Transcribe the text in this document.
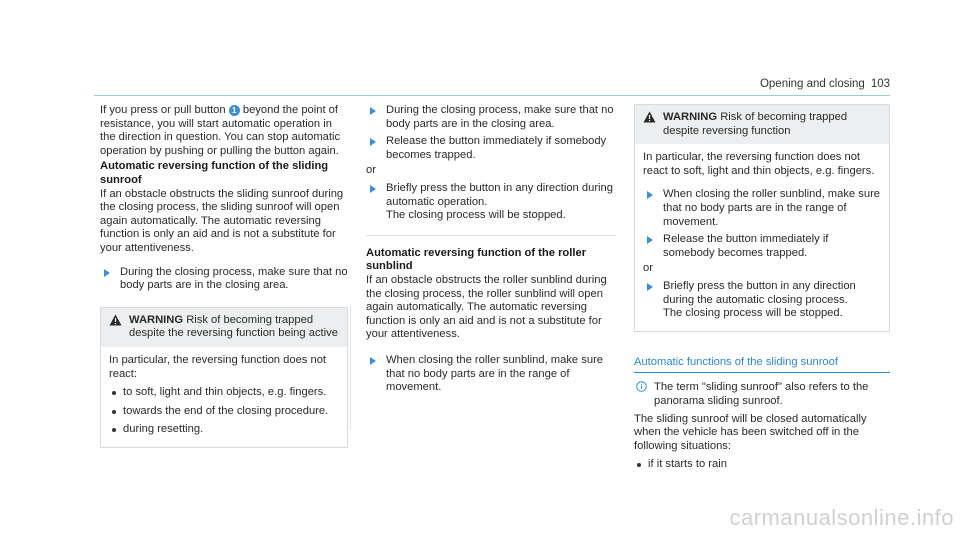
Opening and closing 103

If you press or pull button 1 beyond the point of resistance, you will start automatic operation in the direction in question. You can stop automatic operation by pushing or pulling the button again.

Automatic reversing function of the sliding sunroof

If an obstacle obstructs the sliding sunroof during the closing process, the sliding sunroof will open again automatically. The automatic reversing function is only an aid and is not a substitute for your attentiveness.

During the closing process, make sure that no body parts are in the closing area.
WARNING Risk of becoming trapped despite the reversing function being active

In particular, the reversing function does not react:

to soft, light and thin objects, e.g. fingers.
towards the end of the closing procedure.
during resetting.
During the closing process, make sure that no body parts are in the closing area.
Release the button immediately if somebody becomes trapped.

or

Briefly press the button in any direction during automatic operation.
The closing process will be stopped.

Automatic reversing function of the roller sunblind

If an obstacle obstructs the roller sunblind during the closing process, the roller sunblind will open again automatically. The automatic reversing function is only an aid and is not a substitute for your attentiveness.

When closing the roller sunblind, make sure that no body parts are in the range of movement.
WARNING Risk of becoming trapped despite reversing function

In particular, the reversing function does not react to soft, light and thin objects, e.g. fingers.

When closing the roller sunblind, make sure that no body parts are in the range of movement.
Release the button immediately if somebody becomes trapped.

or

Briefly press the button in any direction during the automatic closing process.
The closing process will be stopped.

Automatic functions of the sliding sunroof

The term "sliding sunroof" also refers to the panorama sliding sunroof.

The sliding sunroof will be closed automatically when the vehicle has been switched off in the following situations:

if it starts to rain
carmanualsonline.info
